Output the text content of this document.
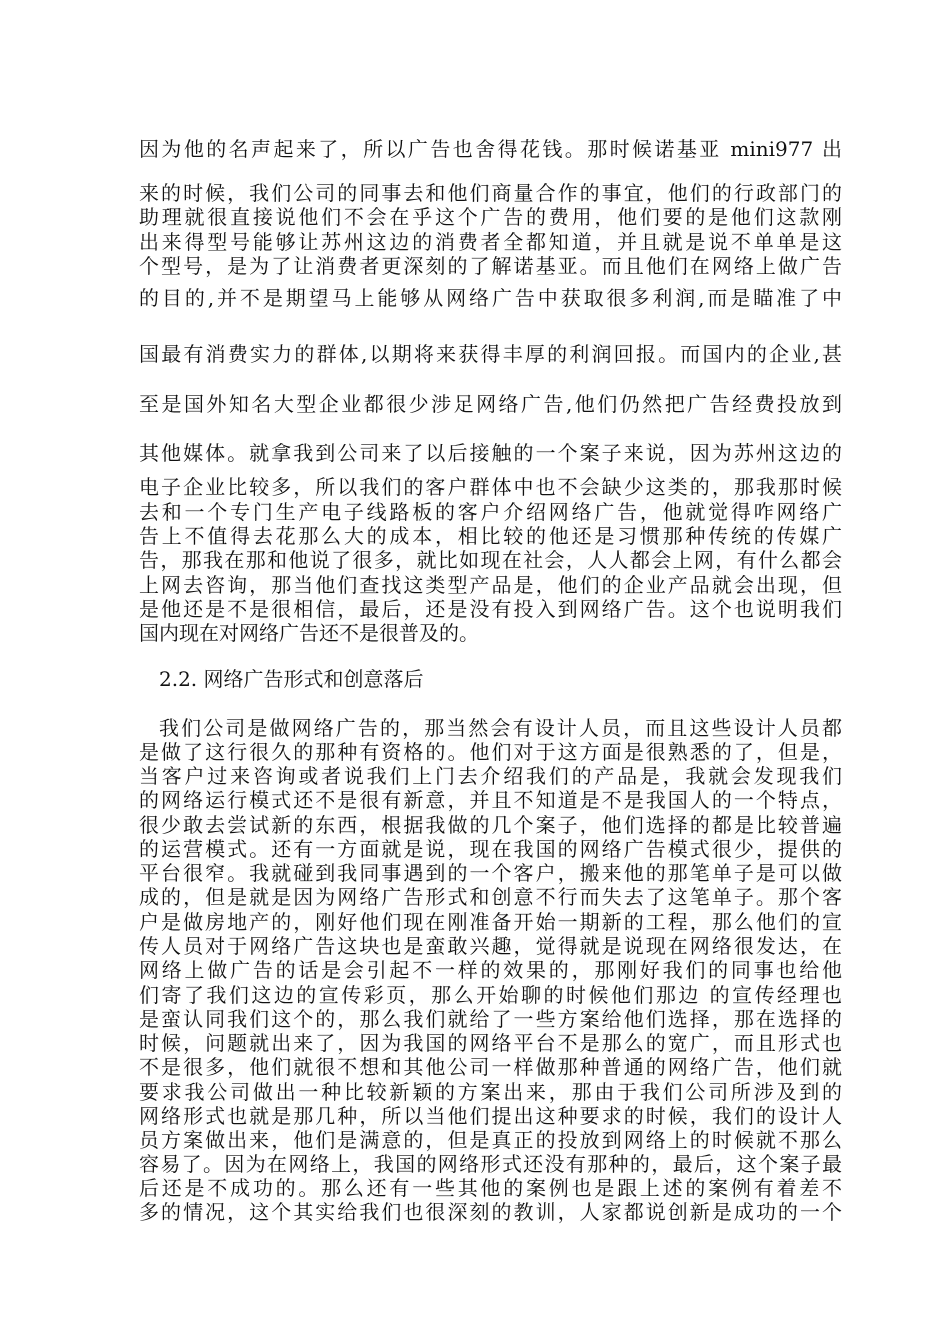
因为他的名声起来了，所以广告也舍得花钱。那时候诺基亚 mini977 出
来的时候，我们公司的同事去和他们商量合作的事宜，他们的行政部门的
助理就很直接说他们不会在乎这个广告的费用，他们要的是他们这款刚
出来得型号能够让苏州这边的消费者全都知道，并且就是说不单单是这
个型号，是为了让消费者更深刻的了解诺基亚。而且他们在网络上做广告
的目的,并不是期望马上能够从网络广告中获取很多利润,而是瞄准了中
国最有消费实力的群体,以期将来获得丰厚的利润回报。而国内的企业,甚
至是国外知名大型企业都很少涉足网络广告,他们仍然把广告经费投放到
其他媒体。就拿我到公司来了以后接触的一个案子来说，因为苏州这边的
电子企业比较多，所以我们的客户群体中也不会缺少这类的，那我那时候
去和一个专门生产电子线路板的客户介绍网络广告，他就觉得咋网络广
告上不值得去花那么大的成本，相比较的他还是习惯那种传统的传媒广
告，那我在那和他说了很多，就比如现在社会，人人都会上网，有什么都会
上网去咨询，那当他们查找这类型产品是，他们的企业产品就会出现，但
是他还是不是很相信，最后，还是没有投入到网络广告。这个也说明我们
国内现在对网络广告还不是很普及的。
2.2. 网络广告形式和创意落后
我们公司是做网络广告的，那当然会有设计人员，而且这些设计人员都
是做了这行很久的那种有资格的。他们对于这方面是很熟悉的了，但是，
当客户过来咨询或者说我们上门去介绍我们的产品是，我就会发现我们
的网络运行模式还不是很有新意，并且不知道是不是我国人的一个特点，
很少敢去尝试新的东西，根据我做的几个案子，他们选择的都是比较普遍
的运营模式。还有一方面就是说，现在我国的网络广告模式很少，提供的
平台很窄。我就碰到我同事遇到的一个客户，搬来他的那笔单子是可以做
成的，但是就是因为网络广告形式和创意不行而失去了这笔单子。那个客
户是做房地产的，刚好他们现在刚准备开始一期新的工程，那么他们的宣
传人员对于网络广告这块也是蛮敢兴趣，觉得就是说现在网络很发达，在
网络上做广告的话是会引起不一样的效果的，那刚好我们的同事也给他
们寄了我们这边的宣传彩页，那么开始聊的时候他们那边 的宣传经理也
是蛮认同我们这个的，那么我们就给了一些方案给他们选择，那在选择的
时候，问题就出来了，因为我国的网络平台不是那么的宽广，而且形式也
不是很多，他们就很不想和其他公司一样做那种普通的网络广告，他们就
要求我公司做出一种比较新颖的方案出来，那由于我们公司所涉及到的
网络形式也就是那几种，所以当他们提出这种要求的时候，我们的设计人
员方案做出来，他们是满意的，但是真正的投放到网络上的时候就不那么
容易了。因为在网络上，我国的网络形式还没有那种的，最后，这个案子最
后还是不成功的。那么还有一些其他的案例也是跟上述的案例有着差不
多的情况，这个其实给我们也很深刻的教训，人家都说创新是成功的一个
